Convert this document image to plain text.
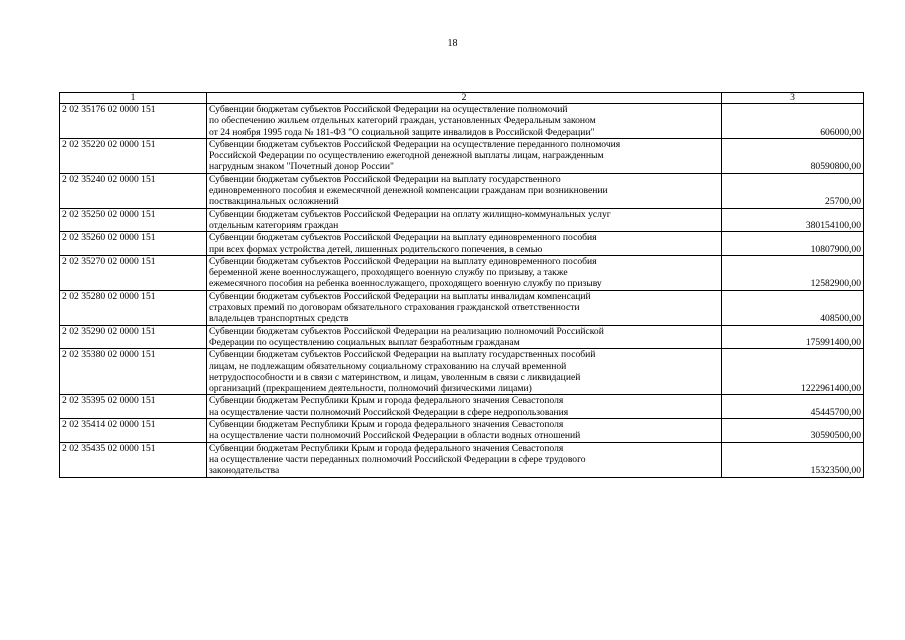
18
1	2	3
2 02 35176 02 0000 151	Субвенции бюджетам субъектов Российской Федерации на осуществление полномочий
по обеспечению жильем отдельных категорий граждан, установленных Федеральным законом
от 24 ноября 1995 года № 181-ФЗ "О социальной защите инвалидов в Российской Федерации"	606000,00
2 02 35220 02 0000 151	Субвенции бюджетам субъектов Российской Федерации на осуществление переданного полномочия
Российской Федерации по осуществлению ежегодной денежной выплаты лицам, награжденным
нагрудным знаком "Почетный донор России"	80590800,00
2 02 35240 02 0000 151	Субвенции бюджетам субъектов Российской Федерации на выплату государственного
единовременного пособия и ежемесячной денежной компенсации гражданам при возникновении
поствакцинальных осложнений	25700,00
2 02 35250 02 0000 151	Субвенции бюджетам субъектов Российской Федерации на оплату жилищно-коммунальных услуг
отдельным категориям граждан	380154100,00
2 02 35260 02 0000 151	Субвенции бюджетам субъектов Российской Федерации на выплату единовременного пособия
при всех формах устройства детей, лишенных родительского попечения, в семью	10807900,00
2 02 35270 02 0000 151	Субвенции бюджетам субъектов Российской Федерации на выплату единовременного пособия
беременной жене военнослужащего, проходящего военную службу по призыву, а также
ежемесячного пособия на ребенка военнослужащего, проходящего военную службу по призыву	12582900,00
2 02 35280 02 0000 151	Субвенции бюджетам субъектов Российской Федерации на выплаты инвалидам компенсаций
страховых премий по договорам обязательного страхования гражданской ответственности
владельцев транспортных средств	408500,00
2 02 35290 02 0000 151	Субвенции бюджетам субъектов Российской Федерации на реализацию полномочий Российской
Федерации по осуществлению социальных выплат безработным гражданам	175991400,00
2 02 35380 02 0000 151	Субвенции бюджетам субъектов Российской Федерации на выплату государственных пособий
лицам, не подлежащим обязательному социальному страхованию на случай временной
нетрудоспособности и в связи с материнством, и лицам, уволенным в связи с ликвидацией
организаций (прекращением деятельности, полномочий физическими лицами)	1222961400,00
2 02 35395 02 0000 151	Субвенции бюджетам Республики Крым и города федерального значения Севастополя
на осуществление части полномочий Российской Федерации в сфере недропользования	45445700,00
2 02 35414 02 0000 151	Субвенции бюджетам Республики Крым и города федерального значения Севастополя
на осуществление части полномочий Российской Федерации в области водных отношений	30590500,00
2 02 35435 02 0000 151	Субвенции бюджетам Республики Крым и города федерального значения Севастополя
на осуществление части переданных полномочий Российской Федерации в сфере трудового
законодательства	15323500,00
